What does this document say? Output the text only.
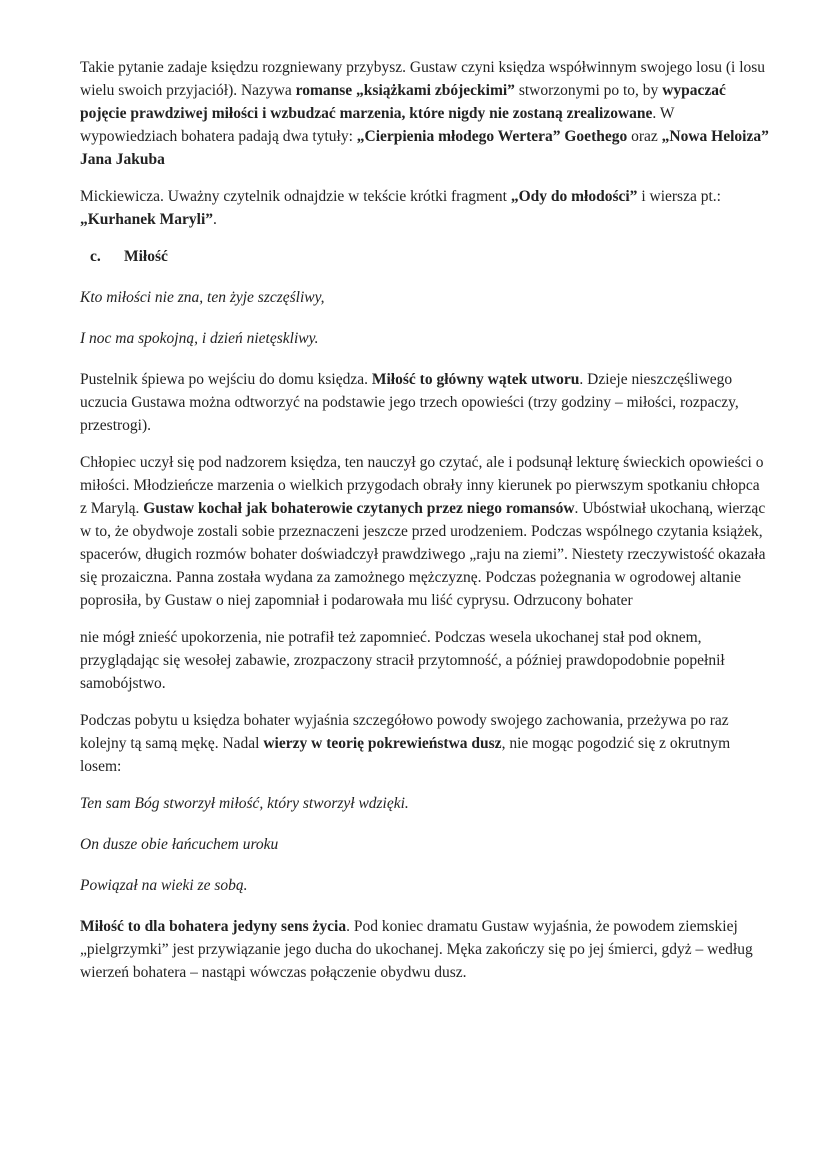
Takie pytanie zadaje księdzu rozgniewany przybysz. Gustaw czyni księdza współwinnym swojego losu (i losu wielu swoich przyjaciół). Nazywa romanse „książkami zbójeckimi” stworzonymi po to, by wypaczać pojęcie prawdziwej miłości i wzbudzać marzenia, które nigdy nie zostaną zrealizowane. W wypowiedziach bohatera padają dwa tytuły: „Cierpienia młodego Wertera” Goethego oraz „Nowa Heloiza” Jana Jakuba

Mickiewicza. Uważny czytelnik odnajdzie w tekście krótki fragment „Ody do młodości” i wiersza pt.: „Kurhanek Maryli”.

c. Miłość

Kto miłości nie zna, ten żyje szczęśliwy,

I noc ma spokojną, i dzień nietęskliwy.

Pustelnik śpiewa po wejściu do domu księdza. Miłość to główny wątek utworu. Dzieje nieszczęśliwego uczucia Gustawa można odtworzyć na podstawie jego trzech opowieści (trzy godziny – miłości, rozpaczy, przestrogi).

Chłopiec uczył się pod nadzorem księdza, ten nauczył go czytać, ale i podsunął lekturę świeckich opowieści o miłości. Młodzieńcze marzenia o wielkich przygodach obrały inny kierunek po pierwszym spotkaniu chłopca z Marylą. Gustaw kochał jak bohaterowie czytanych przez niego romansów. Ubóstwiał ukochaną, wierząc w to, że obydwoje zostali sobie przeznaczeni jeszcze przed urodzeniem. Podczas wspólnego czytania książek, spacerów, długich rozmów bohater doświadczył prawdziwego „raju na ziemi”. Niestety rzeczywistość okazała się prozaiczna. Panna została wydana za zamożnego mężczyznę. Podczas pożegnania w ogrodowej altanie poprosiła, by Gustaw o niej zapomniał i podarowała mu liść cyprysu. Odrzucony bohater

nie mógł znieść upokorzenia, nie potrafił też zapomnieć. Podczas wesela ukochanej stał pod oknem, przyglądając się wesołej zabawie, zrozpaczony stracił przytomność, a później prawdopodobnie popełnił samobójstwo.

Podczas pobytu u księdza bohater wyjaśnia szczegółowo powody swojego zachowania, przeżywa po raz kolejny tą samą mękę. Nadal wierzy w teorię pokrewieństwa dusz, nie mogąc pogodzić się z okrutnym losem:

Ten sam Bóg stworzył miłość, który stworzył wdzięki.

On dusze obie łańcuchem uroku

Powiązał na wieki ze sobą.

Miłość to dla bohatera jedyny sens życia. Pod koniec dramatu Gustaw wyjaśnia, że powodem ziemskiej „pielgrzymki” jest przywiązanie jego ducha do ukochanej. Męka zakończy się po jej śmierci, gdyż – według wierzeń bohatera – nastąpi wówczas połączenie obydwu dusz.
